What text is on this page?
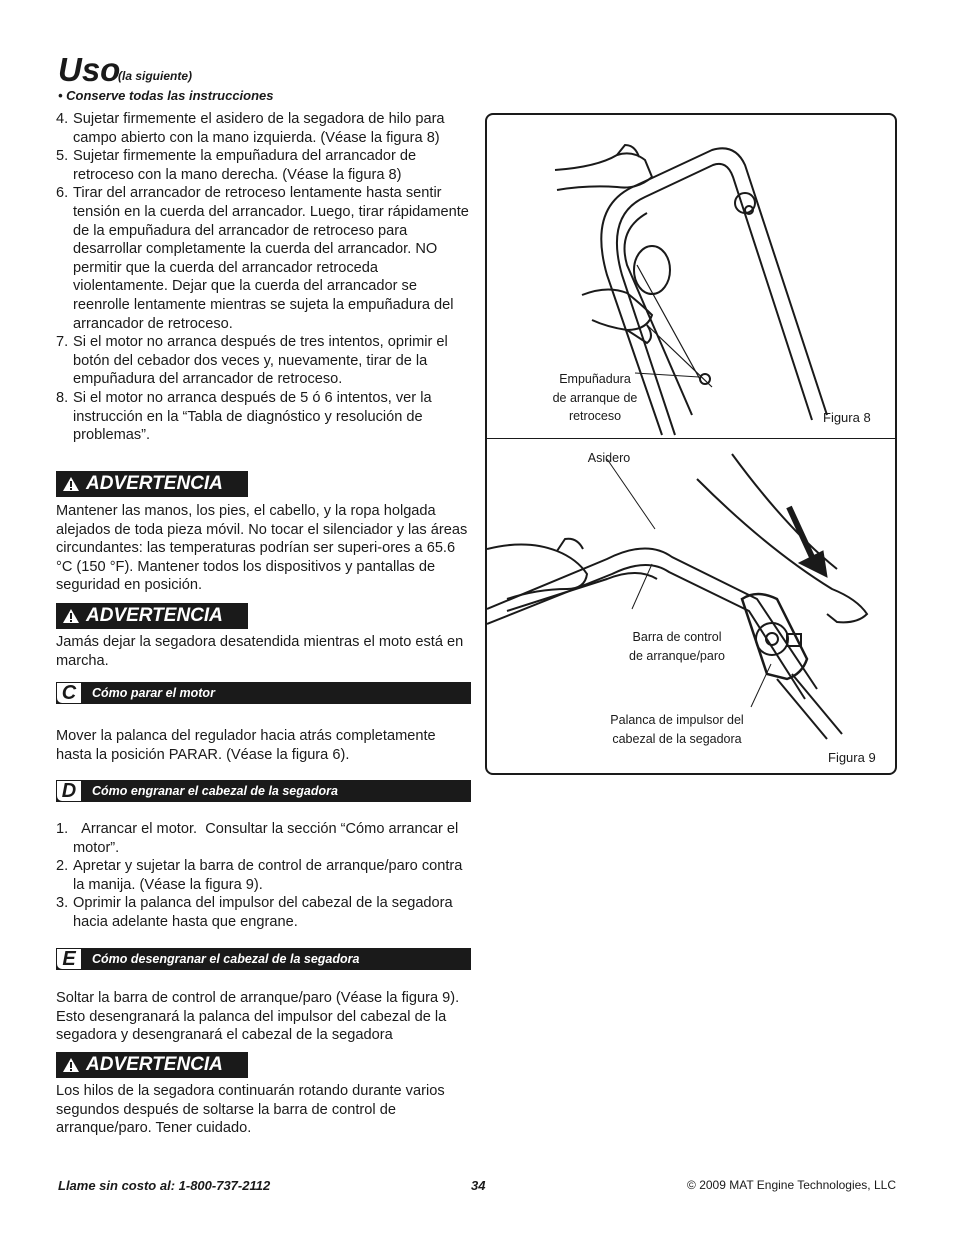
Uso
(la siguiente)
• Conserve todas las instrucciones
4. Sujetar firmemente el asidero de la segadora de hilo para campo abierto con la mano izquierda. (Véase la figura 8)
5. Sujetar firmemente la empuñadura del arrancador de retroceso con la mano derecha. (Véase la figura 8)
6. Tirar del arrancador de retroceso lentamente hasta sentir tensión en la cuerda del arrancador. Luego, tirar rápidamente de la empuñadura del arrancador de retroceso para desarrollar completamente la cuerda del arrancador. NO permitir que la cuerda del arrancador retroceda violentamente. Dejar que la cuerda del arrancador se reenrolle lentamente mientras se sujeta la empuñadura del arrancador de retroceso.
7. Si el motor no arranca después de tres intentos, oprimir el botón del cebador dos veces y, nuevamente, tirar de la empuñadura del arrancador de retroceso.
8. Si el motor no arranca después de 5 ó 6 intentos, ver la instrucción en la “Tabla de diagnóstico y resolución de problemas”.
ADVERTENCIA
Mantener las manos, los pies, el cabello, y la ropa holgada alejados de toda pieza móvil. No tocar el silenciador y las áreas circundantes: las temperaturas podrían ser superi-ores a 65.6 °C (150 °F). Mantener todos los dispositivos y pantallas de seguridad en posición.
ADVERTENCIA
Jamás dejar la segadora desatendida mientras el moto está en marcha.
C	Cómo parar el motor
Mover la palanca del regulador hacia atrás completamente hasta la posición PARAR. (Véase la figura 6).
D	Cómo engranar el cabezal de la segadora
1. Arrancar el motor.  Consultar la sección “Cómo arrancar el motor”.
2. Apretar y sujetar la barra de control de arranque/paro contra la manija. (Véase la figura 9).
3. Oprimir la palanca del impulsor del cabezal de la segadora hacia adelante hasta que engrane.
E	Cómo desengranar el cabezal de la segadora
Soltar la barra de control de arranque/paro (Véase la figura 9). Esto desengranará la palanca del impulsor del cabezal de la segadora y desengranará el cabezal de la segadora
ADVERTENCIA
Los hilos de la segadora continuarán rotando durante varios segundos después de soltarse la barra de control de arranque/paro. Tener cuidado.
Empuñadura
de arranque de
retroceso	Figura 8
Asidero
Barra de control
de arranque/paro
Palanca de impulsor del
cabezal de la segadora
Figura 9
Llame sin costo al: 1-800-737-2112	34	© 2009 MAT Engine Technologies, LLC
